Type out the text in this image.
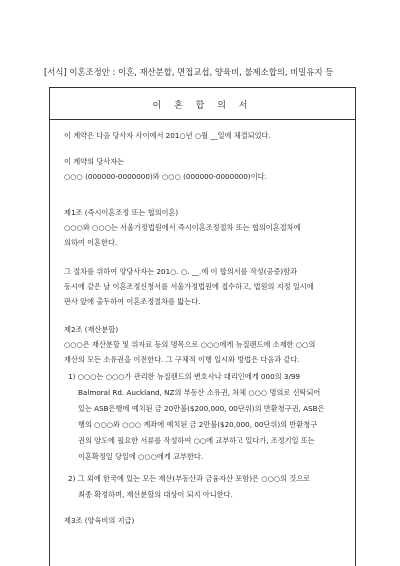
[서식] 이혼조정안 : 이혼, 재산분할, 면접교섭, 양육비, 불제소합의, 비밀유지 등
이 혼 합 의 서
이 계약은 다음 당사자 사이에서 201○년 ○월 __일에 체결되었다.
이 계약의 당사자는
○○○ (000000-0000000)와 ○○○ (000000-0000000)이다.
제1조 (즉시이혼조정 또는 협의이혼)
○○○와 ○○○는 서울가정법원에서 즉시이혼조정절차 또는 협의이혼절차에
의하여 이혼한다.
그 절차를 위하여 양당사자는 201○. ○. __.에 이 합의서를 작성(공증)함과
동시에 같은 날 이혼조정신청서를 서울가정법원에 접수하고, 법원의 지정 일시에
판사 앞에 출두하여 이혼조정절차를 밟는다.
제2조 (재산분할)
○○○은 재산분할 및 위자료 등의 명목으로 ○○○에게 뉴질랜드에 소재한 ○○의
재산의 모든 소유권을 이전한다. 그 구체적 이행 일시와 방법은 다음과 같다.
1) ○○○는 ○○○가 관리한 뉴질랜드의 변호사나 대리인에게 000의 3/99
Balmoral Rd. Auckland, NZ의 부동산 소유권, 차체 ○○○ 명의로 신탁되어
있는 ASB은행에 예치된 금 20만불($200,000, 00단위)의 반환청구권, ASB은
행의 ○○○와 ○○○ 계좌에 예치된 금 2만불($20,000, 00단위)의 반환청구
권의 양도에 필요한 서류를 작성하여 ○○에 교부하고 있다가, 조정기일 또는
이혼확정일 당일에 ○○○에게 교부한다.
2) 그 외에 한국에 있는 모든 재산(부동산과 금융자산 포함)은 ○○○의 것으로
최종 확정하며, 재산분할의 대상이 되지 아니한다.
제3조 (양육비의 지급)
